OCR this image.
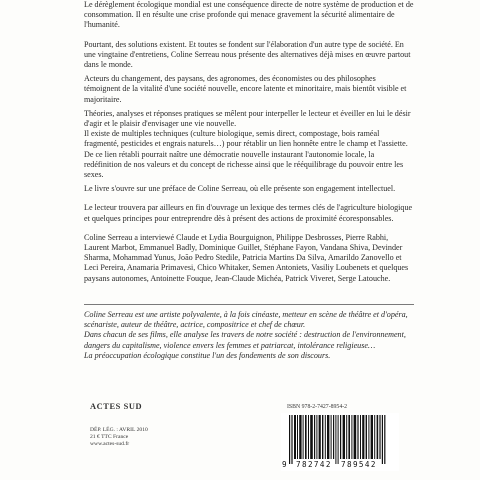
Le dérèglement écologique mondial est une conséquence directe de notre système de production et de consommation. Il en résulte une crise profonde qui menace gravement la sécurité alimentaire de l'humanité.

Pourtant, des solutions existent. Et toutes se fondent sur l'élaboration d'un autre type de société. En une vingtaine d'entretiens, Coline Serreau nous présente des alternatives déjà mises en œuvre partout dans le monde.

Acteurs du changement, des paysans, des agronomes, des économistes ou des philosophes témoignent de la vitalité d'une société nouvelle, encore latente et minoritaire, mais bientôt visible et majoritaire.

Théories, analyses et réponses pratiques se mêlent pour interpeller le lecteur et éveiller en lui le désir d'agir et le plaisir d'envisager une vie nouvelle.

Il existe de multiples techniques (culture biologique, semis direct, compostage, bois raméal fragmenté, pesticides et engrais naturels…) pour rétablir un lien honnête entre le champ et l'assiette.

De ce lien rétabli pourrait naître une démocratie nouvelle instaurant l'autonomie locale, la redéfinition de nos valeurs et du concept de richesse ainsi que le rééquilibrage du pouvoir entre les sexes.

Le livre s'ouvre sur une préface de Coline Serreau, où elle présente son engagement intellectuel.

Le lecteur trouvera par ailleurs en fin d'ouvrage un lexique des termes clés de l'agriculture biologique et quelques principes pour entreprendre dès à présent des actions de proximité écoresponsables.

Coline Serreau a interviewé Claude et Lydia Bourguignon, Philippe Desbrosses, Pierre Rabhi, Laurent Marbot, Emmanuel Badly, Dominique Guillet, Stéphane Fayon, Vandana Shiva, Devinder Sharma, Mohammad Yunus, João Pedro Stedile, Patricia Martins Da Silva, Amarildo Zanovello et Leci Pereira, Anamaria Primavesi, Chico Whitaker, Semen Antoniets, Vasiliy Loubenets et quelques paysans autonomes, Antoinette Fouque, Jean-Claude Michéa, Patrick Viveret, Serge Latouche.

Coline Serreau est une artiste polyvalente, à la fois cinéaste, metteur en scène de théâtre et d'opéra, scénariste, auteur de théâtre, actrice, compositrice et chef de chœur.

Dans chacun de ses films, elle analyse les travers de notre société : destruction de l'environnement, dangers du capitalisme, violence envers les femmes et patriarcat, intolérance religieuse…

La préoccupation écologique constitue l'un des fondements de son discours.

ACTES SUD
DÉP. LÉG. : AVRIL 2010
21 € TTC France
www.actes-sud.fr
ISBN 978-2-7427-8954-2
9 782742 789542
